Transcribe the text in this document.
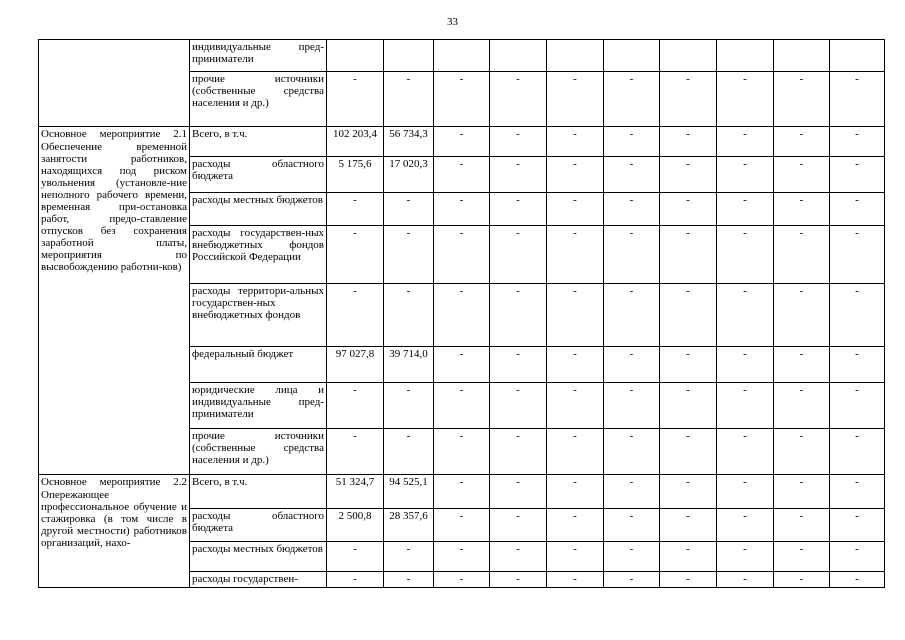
33
	индивидуальные пред- приниматели										
	прочие источники (собственные средства населения и др.)	-	-	-	-	-	-	-	-	-	-

Основное мероприятие 2.1
Обеспечение временной занятости работников, находящихся под риском увольнения (установле-ние неполного рабочего времени, временная при-остановка работ, предо-ставление отпусков без сохранения заработной платы, мероприятия по высвобождению работни-ков)	Всего, в т.ч.	102 203,4	56 734,3	-	-	-	-	-	-	-	-
	расходы областного бюджета	5 175,6	17 020,3	-	-	-	-	-	-	-	-
	расходы местных бюджетов	-	-	-	-	-	-	-	-	-	-
	расходы государствен-ных внебюджетных фондов Российской Федерации	-	-	-	-	-	-	-	-	-	-
	расходы территори-альных государствен-ных внебюджетных фондов	-	-	-	-	-	-	-	-	-	-
	федеральный бюджет	97 027,8	39 714,0	-	-	-	-	-	-	-	-
	юридические лица и индивидуальные пред-приниматели	-	-	-	-	-	-	-	-	-	-
	прочие источники (собственные средства населения и др.)	-	-	-	-	-	-	-	-	-	-

Основное мероприятие 2.2
Опережающее профессиональное обучение и стажировка (в том числе в другой местности) работников организаций, нахо-	Всего, в т.ч.	51 324,7	94 525,1	-	-	-	-	-	-	-	-
	расходы областного бюджета	2 500,8	28 357,6	-	-	-	-	-	-	-	-
	расходы местных бюджетов	-	-	-	-	-	-	-	-	-	-
	расходы государствен-	-	-	-	-	-	-	-	-	-	-
